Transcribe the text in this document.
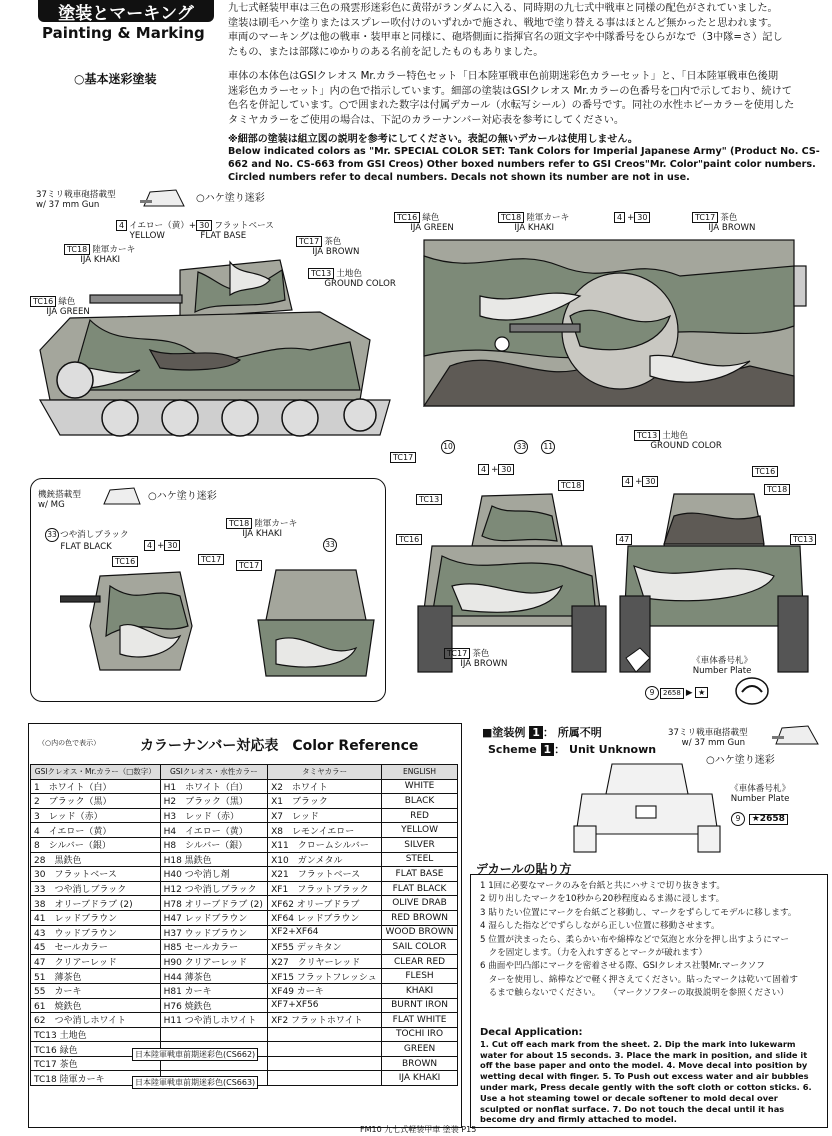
塗装とマーキング
Painting & Marking
九七式軽装甲車は三色の飛雲形迷彩色に黄帯がランダムに入る、同時期の九七式中戦車と同様の配色がされていました。
塗装は刷毛ハケ塗りまたはスプレー吹付けのいずれかで施され、戦地で塗り替える事はほとんど無かったと思われます。
車両のマーキングは他の戦車・装甲車と同様に、砲塔側面に指揮官名の頭文字や中隊番号をひらがなで（3中隊=さ）記し
たもの、または部隊にゆかりのある名前を記したものもありました。
○基本迷彩塗装	車体の本体色はGSIクレオス Mr.カラー特色セット「日本陸軍戦車色前期迷彩色カラーセット」と、「日本陸軍戦車色後期
迷彩色カラーセット」内の色で指示しています。細部の塗装はGSIクレオス Mr.カラーの色番号を□内で示しており、続けて
色名を併記しています。○で囲まれた数字は付属デカール（水転写シール）の番号です。同社の水性ホビーカラーを使用した
タミヤカラーをご使用の場合は、下記のカラーナンバー対応表を参考にしてください。
※細部の塗装は組立図の説明を参考にしてください。表記の無いデカールは使用しません。
Below indicated colors as "Mr. SPECIAL COLOR SET: Tank Colors for Imperial Japanese Army" (Product No. CS-662 and No. CS-663 from GSI Creos) Other boxed numbers refer to GSI Creos"Mr. Color"paint color numbers. Circled numbers refer to decal numbers. Decals not shown its number are not in use.
37ミリ戦車砲搭載型
w/ 37 mm Gun
○ハケ塗り迷彩
4 イエロー（黄）+ 30 フラットベース
YELLOW	FLAT BASE
TC18 陸軍カーキ
IJA KHAKI
TC17 茶色
IJA BROWN
TC13 土地色
GROUND COLOR
TC16 緑色
IJA GREEN
TC17
TC16 緑色
IJA GREEN
TC18 陸軍カーキ
IJA KHAKI
4 + 30	TC17 茶色
IJA BROWN
10	33 11
TC13 土地色
GROUND COLOR
機銃搭載型
w/ MG
○ハケ塗り迷彩
33 つや消しブラック
FLAT BLACK
TC18 陸軍カーキ
IJA KHAKI
TC16
4 + 30
TC17
TC17
33
4 + 30
TC18
TC13
TC16
TC17 茶色
IJA BROWN
4 + 30
TC16
TC18
TC13
47
《車体番号札》
Number Plate
9 2658 ▶ ★
（○内の色で表示）	カラーナンバー対応表　Color Reference
GSIクレオス・Mr.カラー（□数字）	GSIクレオス・水性カラー	タミヤカラー	ENGLISH
1　ホワイト（白）	H1　ホワイト（白）	X2　ホワイト	WHITE
2　ブラック（黒）	H2　ブラック（黒）	X1　ブラック	BLACK
3　レッド（赤）	H3　レッド（赤）	X7　レッド	RED
4　イエロー（黄）	H4　イエロー（黄）	X8　レモンイエロー	YELLOW
8　シルバー（銀）	H8　シルバー（銀）	X11　クロームシルバー	SILVER
28　黒鉄色	H18 黒鉄色	X10　ガンメタル	STEEL
30　フラットベース	H40 つや消し剤	X21　フラットベース	FLAT BASE
33　つや消しブラック	H12 つや消しブラック	XF1　フラットブラック	FLAT BLACK
38　オリーブドラブ (2)	H78 オリーブドラブ (2)	XF62 オリーブドラブ	OLIVE DRAB
41　レッドブラウン	H47 レッドブラウン	XF64 レッドブラウン	RED BROWN
43　ウッドブラウン	H37 ウッドブラウン	XF2+XF64	WOOD BROWN
45　セールカラー	H85 セールカラー	XF55 デッキタン	SAIL COLOR
47　クリアーレッド	H90 クリアーレッド	X27　クリヤーレッド	CLEAR RED
51　薄茶色	H44 薄茶色	XF15 フラットフレッシュ	FLESH
55　カーキ	H81 カーキ	XF49 カーキ	KHAKI
61　焼鉄色	H76 焼鉄色	XF7+XF56	BURNT IRON
62　つや消しホワイト	H11 つや消しホワイト	XF2 フラットホワイト	FLAT WHITE
TC13 土地色			TOCHI IRO
TC16 緑色			GREEN
TC17 茶色			BROWN
TC18 陸軍カーキ			IJA KHAKI
日本陸軍戦車前期迷彩色(CS662)
日本陸軍戦車前期迷彩色(CS663)
■塗装例 1 ： 所属不明
Scheme 1 ： Unit Unknown
37ミリ戦車砲搭載型
w/ 37 mm Gun
○ハケ塗り迷彩
《車体番号札》
Number Plate
9 ★2658
デカールの貼り方
1 1回に必要なマークのみを台紙と共にハサミで切り抜きます。
2 切り出したマークを10秒から20秒程度ぬるま湯に浸します。
3 貼りたい位置にマークを台紙ごと移動し、マークをずらしてモデルに移します。
4 湿らした指などでずらしながら正しい位置に移動させます。
5 位置が決まったら、柔らかい布や綿棒などで気泡と水分を押し出すようにマー
　クを固定します。（力を入れすぎるとマークが破れます）
6 曲面や凹凸部にマークを密着させる際、GSIクレオス社製Mr.マークソフ
　ターを使用し、綿棒などで軽く押さえてください。貼ったマークは乾いて固着す
　るまで触らないでください。　　（マークソフターの取扱説明を参照ください）
Decal Application:
1. Cut off each mark from the sheet. 2. Dip the mark into lukewarm water for about 15 seconds. 3. Place the mark in position, and slide it off the base paper and onto the model. 4. Move decal into position by wetting decal with finger. 5. To Push out excess water and air bubbles under mark, Press decale gently with the soft cloth or cotton sticks. 6. Use a hot steaming towel or decale softener to mold decal over sculpted or nonflat surface. 7. Do not touch the decal until it has become dry and firmly attached to model.
FM10 九七式軽装甲車 塗装 P15
